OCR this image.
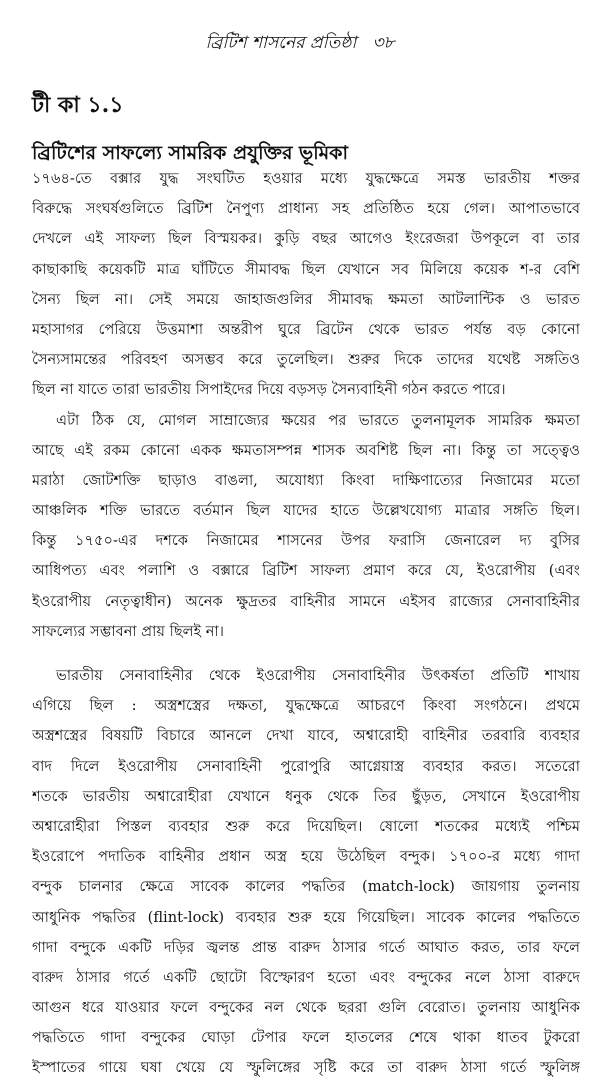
ব্রিটিশ শাসনের প্রতিষ্ঠা ৩৮
টী কা ১.১
ব্রিটিশের সাফল্যে সামরিক প্রযুক্তির ভূমিকা
১৭৬৪-তে বক্সার যুদ্ধ সংঘটিত হওয়ার মধ্যে যুদ্ধক্ষেত্রে সমস্ত ভারতীয় শক্তর
বিরুদ্ধে সংঘর্ষগুলিতে ব্রিটিশ নৈপুণ্য প্রাধান্য সহ প্রতিষ্ঠিত হয়ে গেল। আপাতভাবে
দেখলে এই সাফল্য ছিল বিস্ময়কর। কুড়ি বছর আগেও ইংরেজরা উপকূলে বা তার
কাছাকাছি কয়েকটি মাত্র ঘাঁটিতে সীমাবদ্ধ ছিল যেখানে সব মিলিয়ে কয়েক শ-র বেশি
সৈন্য ছিল না। সেই সময়ে জাহাজগুলির সীমাবদ্ধ ক্ষমতা আটলান্টিক ও ভারত
মহাসাগর পেরিয়ে উত্তমাশা অন্তরীপ ঘুরে ব্রিটেন থেকে ভারত পর্যন্ত বড় কোনো
সৈন্যসামন্তের পরিবহণ অসম্ভব করে তুলেছিল। শুরুর দিকে তাদের যথেষ্ট সঙ্গতিও
ছিল না যাতে তারা ভারতীয় সিপাইদের দিয়ে বড়সড় সৈন্যবাহিনী গঠন করতে পারে।
এটা ঠিক যে, মোগল সাম্রাজ্যের ক্ষয়ের পর ভারতে তুলনামূলক সামরিক ক্ষমতা
আছে এই রকম কোনো একক ক্ষমতাসম্পন্ন শাসক অবশিষ্ট ছিল না। কিন্তু তা সত্ত্বেও
মরাঠা জোটশক্তি ছাড়াও বাঙলা, অযোধ্যা কিংবা দাক্ষিণাত্যের নিজামের মতো
আঞ্চলিক শক্তি ভারতে বর্তমান ছিল যাদের হাতে উল্লেখযোগ্য মাত্রার সঙ্গতি ছিল।
কিন্তু ১৭৫০-এর দশকে নিজামের শাসনের উপর ফরাসি জেনারেল দ্য বুসির
আধিপত্য এবং পলাশি ও বক্সারে ব্রিটিশ সাফল্য প্রমাণ করে যে, ইওরোপীয় (এবং
ইওরোপীয় নেতৃত্বাধীন) অনেক ক্ষুদ্রতর বাহিনীর সামনে এইসব রাজ্যের সেনাবাহিনীর
সাফল্যের সম্ভাবনা প্রায় ছিলই না।
ভারতীয় সেনাবাহিনীর থেকে ইওরোপীয় সেনাবাহিনীর উৎকর্ষতা প্রতিটি শাখায়
এগিয়ে ছিল : অস্ত্রশস্ত্রের দক্ষতা, যুদ্ধক্ষেত্রে আচরণে কিংবা সংগঠনে। প্রথমে
অস্ত্রশস্ত্রের বিষয়টি বিচারে আনলে দেখা যাবে, অশ্বারোহী বাহিনীর তরবারি ব্যবহার
বাদ দিলে ইওরোপীয় সেনাবাহিনী পুরোপুরি আগ্নেয়াস্ত্র ব্যবহার করত। সতেরো
শতকে ভারতীয় অশ্বারোহীরা যেখানে ধনুক থেকে তির ছুঁড়ত, সেখানে ইওরোপীয়
অশ্বারোহীরা পিস্তল ব্যবহার শুরু করে দিয়েছিল। ষোলো শতকের মধ্যেই পশ্চিম
ইওরোপে পদাতিক বাহিনীর প্রধান অস্ত্র হয়ে উঠেছিল বন্দুক। ১৭০০-র মধ্যে গাদা
বন্দুক চালনার ক্ষেত্রে সাবেক কালের পদ্ধতির (match-lock) জায়গায় তুলনায়
আধুনিক পদ্ধতির (flint-lock) ব্যবহার শুরু হয়ে গিয়েছিল। সাবেক কালের পদ্ধতিতে
গাদা বন্দুকে একটি দড়ির জ্বলন্ত প্রান্ত বারুদ ঠাসার গর্তে আঘাত করত, তার ফলে
বারুদ ঠাসার গর্তে একটি ছোটো বিস্ফোরণ হতো এবং বন্দুকের নলে ঠাসা বারুদে
আগুন ধরে যাওয়ার ফলে বন্দুকের নল থেকে ছররা গুলি বেরোত। তুলনায় আধুনিক
পদ্ধতিতে গাদা বন্দুকের ঘোড়া টেপার ফলে হাতলের শেষে থাকা ধাতব টুকরো
ইস্পাতের গায়ে ঘষা খেয়ে যে স্ফুলিঙ্গের সৃষ্টি করে তা বারুদ ঠাসা গর্তে স্ফুলিঙ্গ
